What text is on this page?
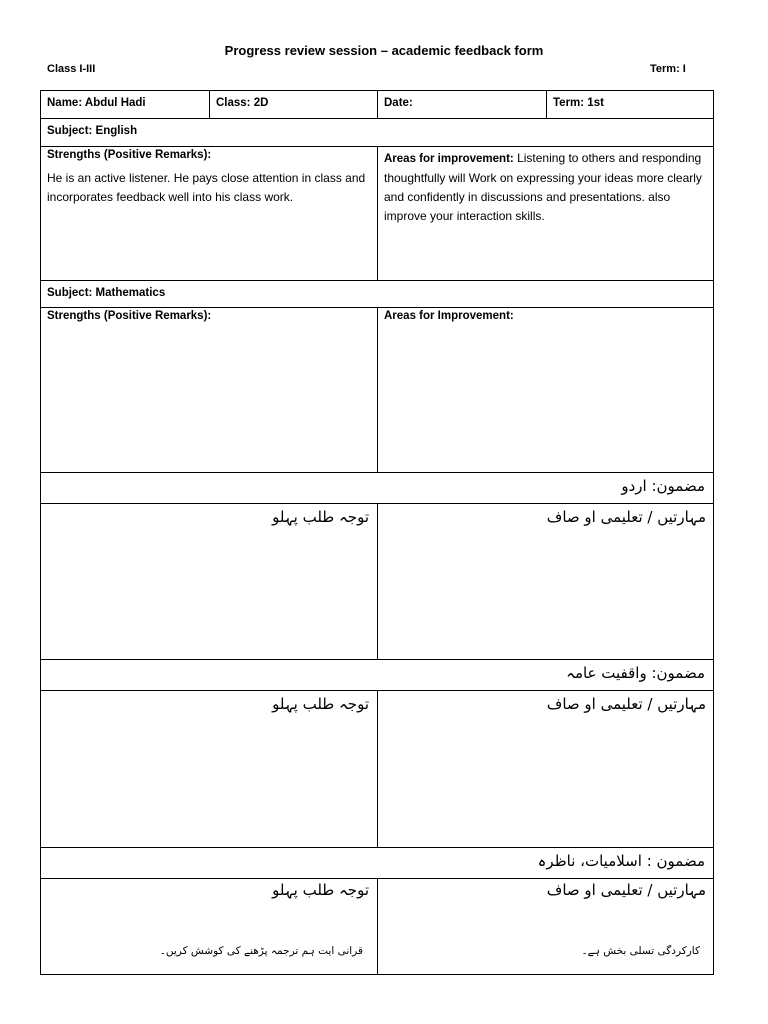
Progress review session – academic feedback form
Class I-III	Term: I
Name: Abdul Hadi	Class: 2D	Date:	Term: 1st
Subject: English
Strengths (Positive Remarks):
He is an active listener. He pays close attention in class and incorporates feedback well into his class work.
Areas for improvement: Listening to others and responding thoughtfully will Work on expressing your ideas more clearly and confidently in discussions and presentations. also improve your interaction skills.
Subject: Mathematics
Strengths (Positive Remarks):	Areas for Improvement:
مضمون: اردو
توجہ طلب پہلو	مہارتیں / تعلیمی او صاف
مضمون: واقفیت عامہ
توجہ طلب پہلو	مہارتیں / تعلیمی او صاف
مضمون : اسلامیات، ناظرہ
توجہ طلب پہلو
قرانی ایت ہم ترجمہ پڑھنے کی کوشش کریں۔
مہارتیں / تعلیمی او صاف
کارکردگی تسلی بخش ہے۔
